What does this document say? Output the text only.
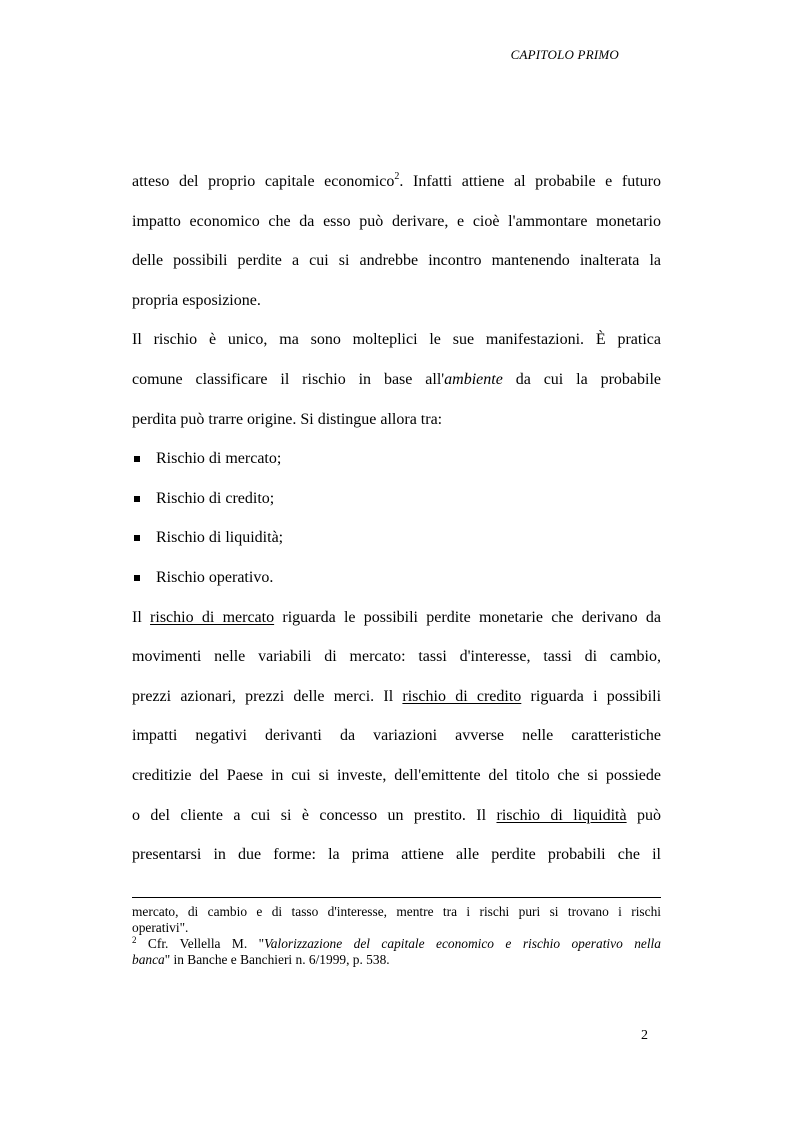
CAPITOLO PRIMO
atteso del proprio capitale economico$^2$. Infatti attiene al probabile e futuro
impatto economico che da esso può derivare, e cioè l'ammontare monetario
delle possibili perdite a cui si andrebbe incontro mantenendo inalterata la
propria esposizione.
Il rischio è unico, ma sono molteplici le sue manifestazioni. È pratica
comune classificare il rischio in base all'ambiente da cui la probabile
perdita può trarre origine. Si distingue allora tra:
Rischio di mercato;
Rischio di credito;
Rischio di liquidità;
Rischio operativo.
Il rischio di mercato riguarda le possibili perdite monetarie che derivano da
movimenti nelle variabili di mercato: tassi d'interesse, tassi di cambio,
prezzi azionari, prezzi delle merci. Il rischio di credito riguarda i possibili
impatti negativi derivanti da variazioni avverse nelle caratteristiche
creditizie del Paese in cui si investe, dell'emittente del titolo che si possiede
o del cliente a cui si è concesso un prestito. Il rischio di liquidità può
presentarsi in due forme: la prima attiene alle perdite probabili che il
mercato, di cambio e di tasso d'interesse, mentre tra i rischi puri si trovano i rischi
operativi".
$^2$ Cfr. Vellella M. "Valorizzazione del capitale economico e rischio operativo nella
banca" in Banche e Banchieri n. 6/1999, p. 538.
2
